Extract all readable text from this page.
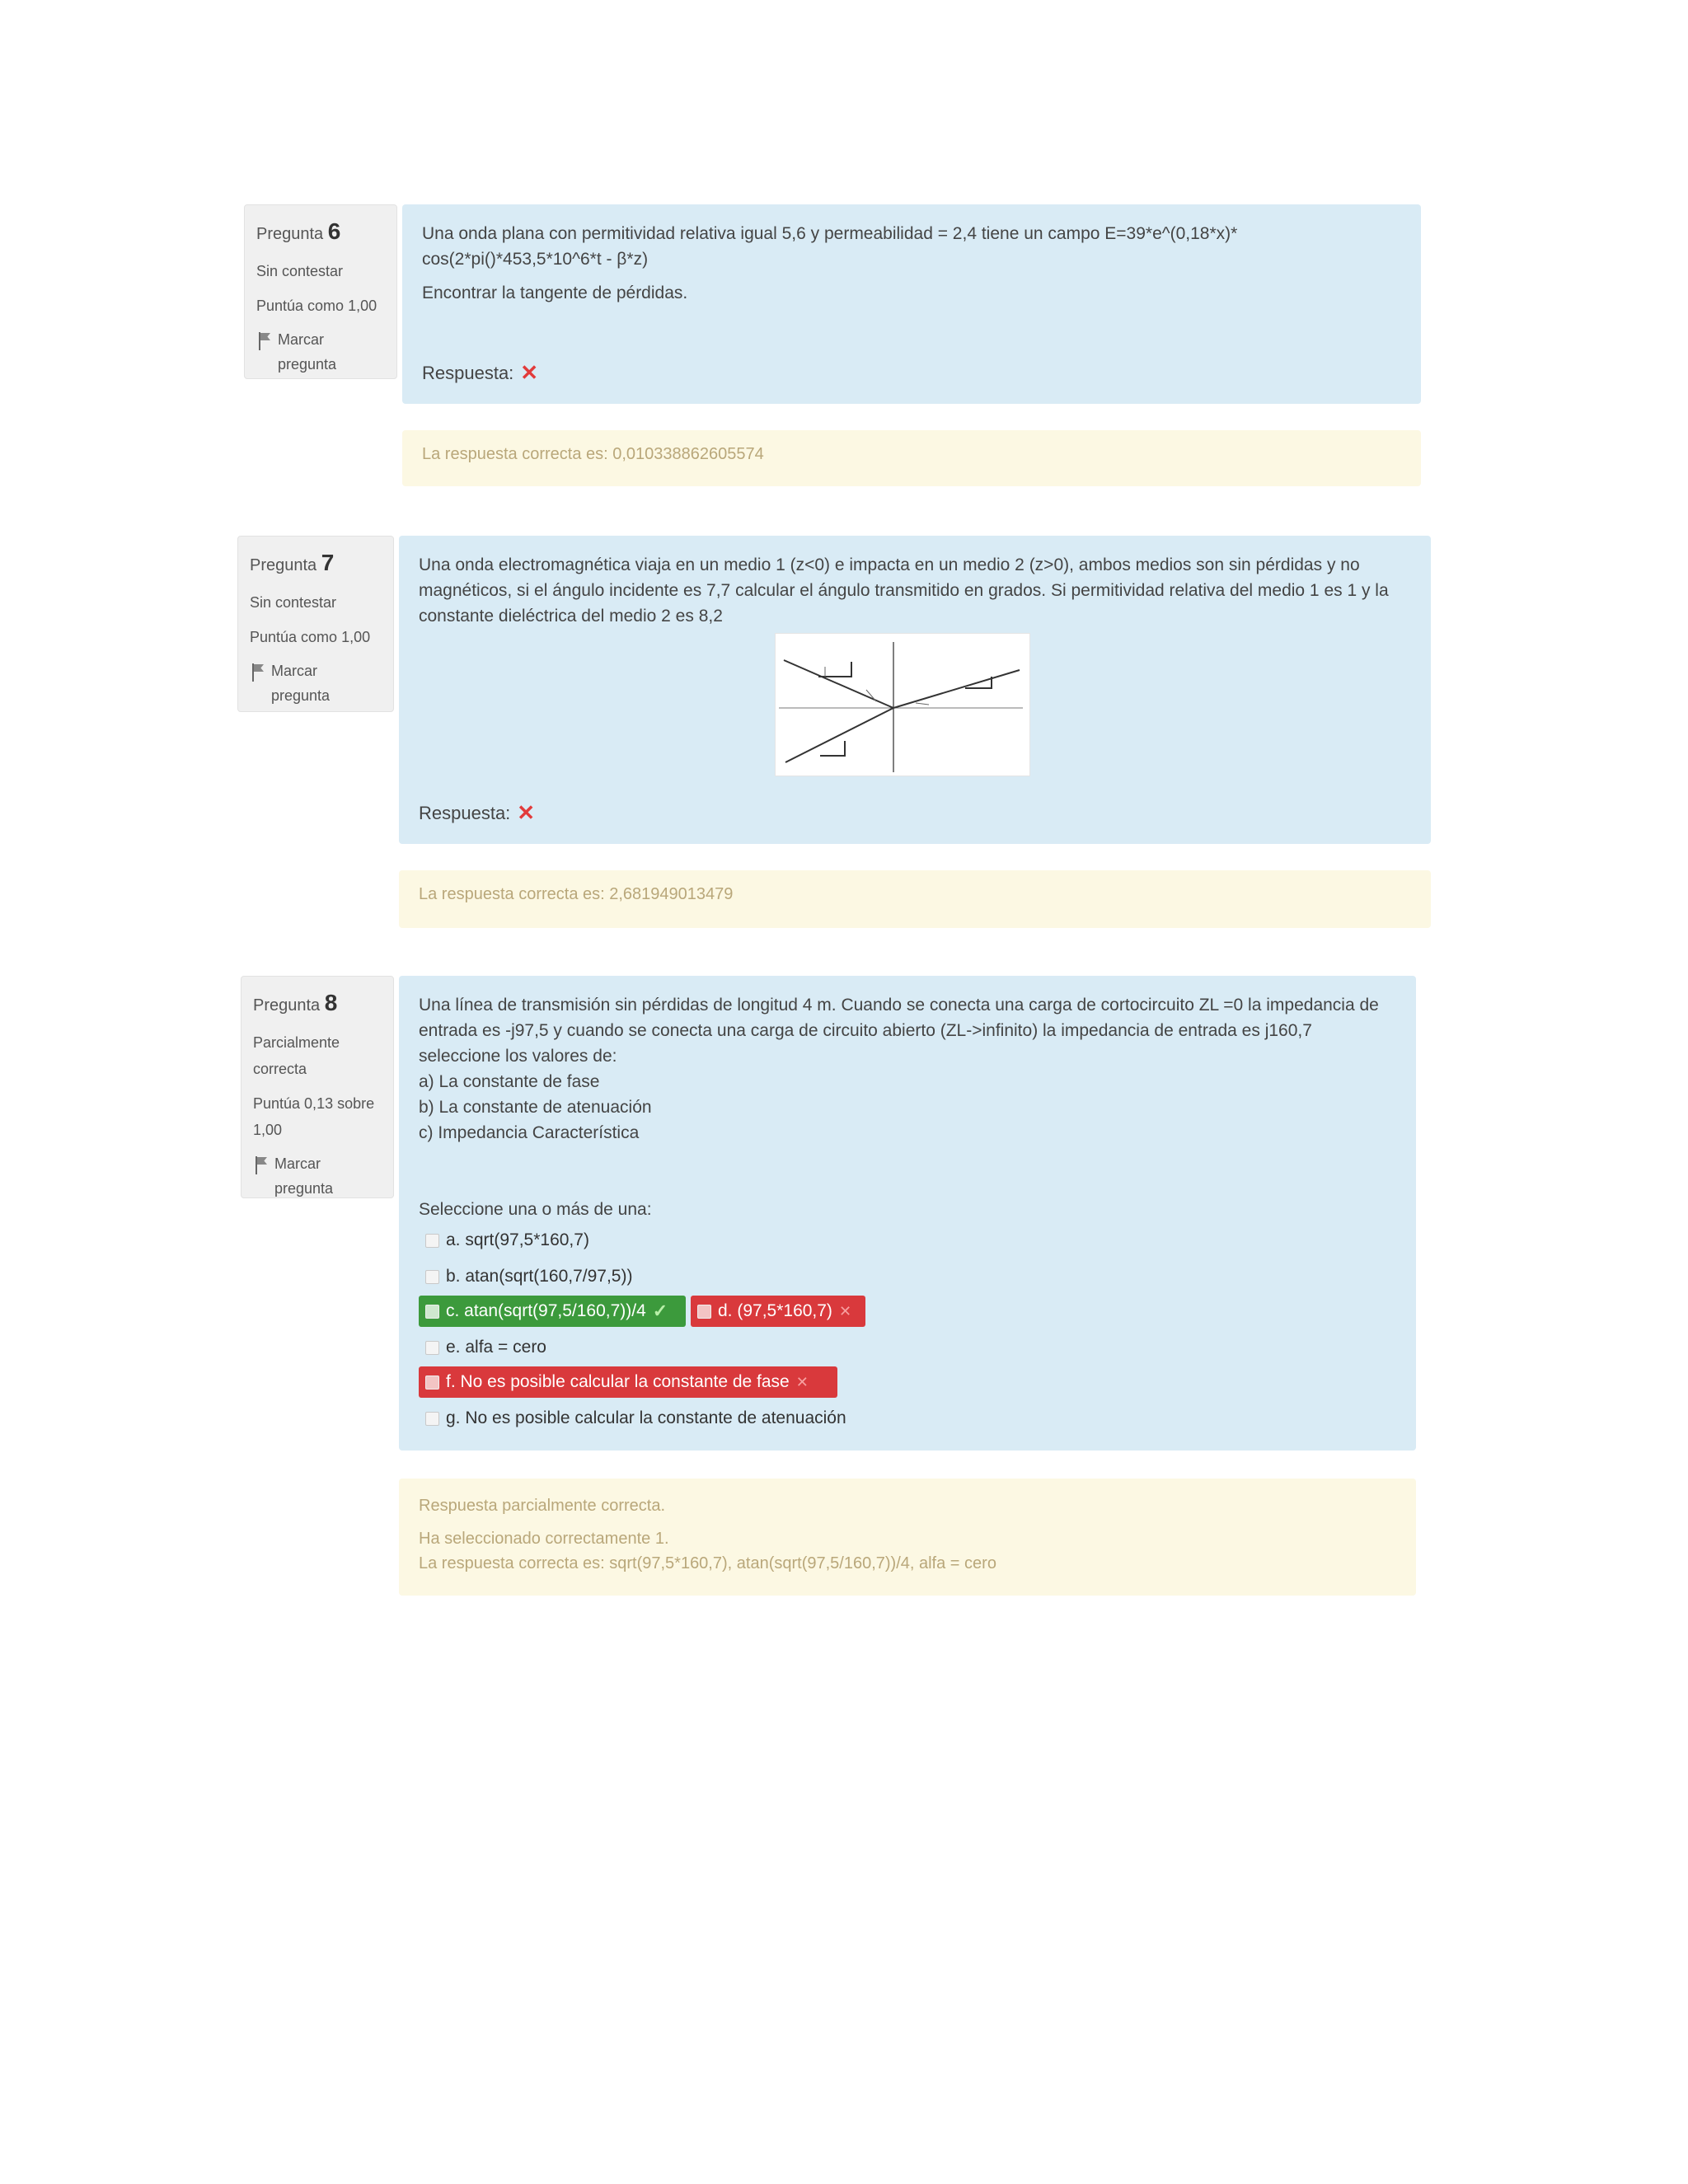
Pregunta 6
Sin contestar
Puntúa como 1,00
Marcar pregunta

Una onda plana con permitividad relativa igual 5,6 y permeabilidad = 2,4 tiene un campo E=39*e^(0,18*x)* cos(2*pi()*453,5*10^6*t - β*z)

Encontrar la tangente de pérdidas.

Respuesta: ✕
La respuesta correcta es: 0,010338862605574
Pregunta 7
Sin contestar
Puntúa como 1,00
Marcar pregunta

Una onda electromagnética viaja en un medio 1 (z<0) e impacta en un medio 2 (z>0), ambos medios son sin pérdidas y no magnéticos, si el ángulo incidente es 7,7 calcular el ángulo transmitido en grados. Si permitividad relativa del medio 1 es 1 y la constante dieléctrica del medio 2 es 8,2

Respuesta: ✕
La respuesta correcta es: 2,681949013479
Pregunta 8
Parcialmente correcta
Puntúa 0,13 sobre 1,00
Marcar pregunta

Una línea de transmisión sin pérdidas de longitud 4 m. Cuando se conecta una carga de cortocircuito ZL =0 la impedancia de entrada es -j97,5 y cuando se conecta una carga de circuito abierto (ZL->infinito) la impedancia de entrada es j160,7 seleccione los valores de:

a) La constante de fase

b) La constante de atenuación

c) Impedancia Característica

Seleccione una o más de una:

a. sqrt(97,5*160,7)
b. atan(sqrt(160,7/97,5))
c. atan(sqrt(97,5/160,7))/4 ✓	d. (97,5*160,7) ✕
e. alfa = cero
f. No es posible calcular la constante de fase ✕
g. No es posible calcular la constante de atenuación
Respuesta parcialmente correcta.
Ha seleccionado correctamente 1.
La respuesta correcta es: sqrt(97,5*160,7), atan(sqrt(97,5/160,7))/4, alfa = cero
